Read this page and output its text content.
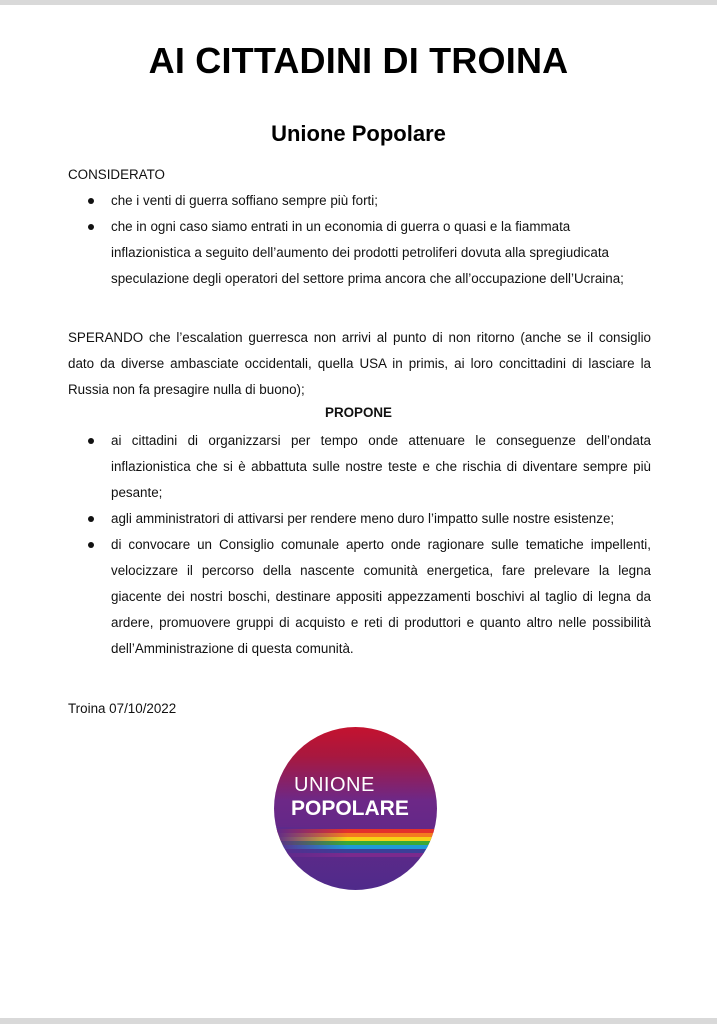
AI CITTADINI DI TROINA
Unione Popolare
CONSIDERATO
che i venti di guerra soffiano sempre più forti;
che in ogni caso siamo entrati in un economia di guerra o quasi e la fiammata inflazionistica a seguito dell’aumento dei prodotti petroliferi dovuta alla spregiudicata speculazione degli operatori del settore prima ancora che all’occupazione dell’Ucraina;
SPERANDO che l’escalation guerresca non arrivi al punto di non ritorno (anche se il consiglio dato da diverse ambasciate occidentali, quella USA in primis, ai loro concittadini di lasciare la Russia non fa presagire nulla di buono);
PROPONE
ai cittadini di organizzarsi per tempo onde attenuare le conseguenze dell’ondata inflazionistica che si è abbattuta sulle nostre teste e che rischia di diventare sempre più pesante;
agli amministratori di attivarsi per rendere meno duro l’impatto sulle nostre esistenze;
di convocare un Consiglio comunale aperto onde ragionare sulle tematiche impellenti, velocizzare il percorso della nascente comunità energetica, fare prelevare la legna giacente dei nostri boschi, destinare appositi appezzamenti boschivi al taglio di legna da ardere, promuovere gruppi di acquisto e reti di produttori e quanto altro nelle possibilità dell’Amministrazione di questa comunità.
Troina 07/10/2022
UNIONE
POPOLARE
